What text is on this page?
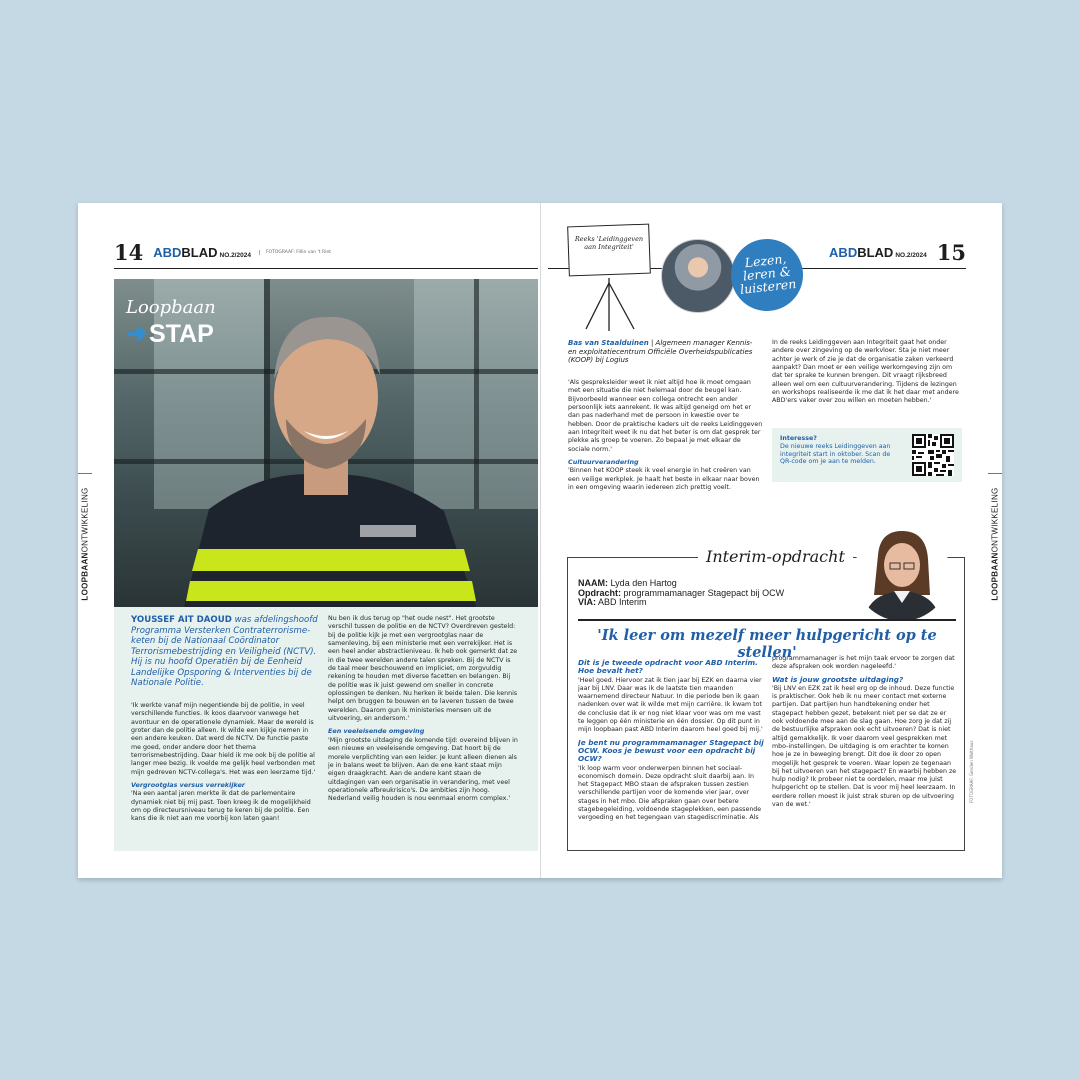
14 ABDBLAD NO.2/2024	FOTOGRAAF: Fillin van 't Riet	ABDBLAD NO.2/2024 15
LOOPBAANONTWIKKELING
LOOPBAANONTWIKKELING
Loopbaan
➔STAP
YOUSSEF AIT DAOUD was afdelingshoofd Programma Versterken Contraterrorisme-keten bij de Nationaal Coördinator Terrorismebestrijding en Veiligheid (NCTV). Hij is nu hoofd Operatiën bij de Eenheid Landelijke Opsporing & Interventies bij de Nationale Politie.

'Ik werkte vanaf mijn negentiende bij de politie, in veel verschillende functies. Ik koos daarvoor vanwege het avontuur en de operationele dynamiek. Maar de wereld is groter dan de politie alleen. Ik wilde een kijkje nemen in een andere keuken. Dat werd de NCTV. De functie paste me goed, onder andere door het thema terrorismebestrijding. Daar hield ik me ook bij de politie al langer mee bezig. Ik voelde me gelijk heel verbonden met mijn gedreven NCTV-collega's. Het was een leerzame tijd.'

Vergrootglas versus verrekijker

'Na een aantal jaren merkte ik dat de parlementaire dynamiek niet bij mij past. Toen kreeg ik de mogelijkheid om op directeursniveau terug te keren bij de politie. Een kans die ik niet aan me voorbij kon laten gaan!

Nu ben ik dus terug op "het oude nest". Het grootste verschil tussen de politie en de NCTV? Overdreven gesteld: bij de politie kijk je met een vergrootglas naar de samenleving, bij een ministerie met een verrekijker. Het is een heel ander abstractieniveau. Ik heb ook gemerkt dat ze in die twee werelden andere talen spreken. Bij de NCTV is de taal meer beschouwend en impliciet, om zorgvuldig rekening te houden met diverse facetten en belangen. Bij de politie was ik juist gewend om sneller in concrete oplossingen te denken. Nu herken ik beide talen. Die kennis helpt om bruggen te bouwen en te laveren tussen de twee werelden. Daarom gun ik ministeries mensen uit de uitvoering, en andersom.'

Een veeleisende omgeving

'Mijn grootste uitdaging de komende tijd: overeind blijven in een nieuwe en veeleisende omgeving. Dat hoort bij de morele verplichting van een leider. Je kunt alleen dienen als je in balans weet te blijven. Aan de ene kant staat mijn eigen draagkracht. Aan de andere kant staan de uitdagingen van een organisatie in verandering, met veel operationele afbreukrisico's. De ambities zijn hoog. Nederland veilig houden is nou eenmaal enorm complex.'

Reeks 'Leidinggeven aan Integriteit'
Lezen, leren & luisteren
Bas van Staalduinen | Algemeen manager Kennis- en exploitatiecentrum Officiële Overheidspublicaties (KOOP) bij Logius

'Als gespreksleider weet ik niet altijd hoe ik moet omgaan met een situatie die niet helemaal door de beugel kan. Bijvoorbeeld wanneer een collega ontrecht een ander persoonlijk iets aanrekent. Ik was altijd geneigd om het er dan pas naderhand met de persoon in kwestie over te hebben. Door de praktische kaders uit de reeks Leidinggeven aan Integriteit weet ik nu dat het beter is om dat gesprek ter plekke als groep te voeren. Zo bepaal je met elkaar de sociale norm.'

Cultuurverandering

'Binnen het KOOP steek ik veel energie in het creëren van een veilige werkplek. Je haalt het beste in elkaar naar boven in een omgeving waarin iedereen zich prettig voelt.

In de reeks Leidinggeven aan Integriteit gaat het onder andere over zingeving op de werkvloer. Sta je niet meer achter je werk of zie je dat de organisatie zaken verkeerd aanpakt? Dan moet er een veilige werkomgeving zijn om dat ter sprake te kunnen brengen. Dit vraagt rijksbreed alleen wel om een cultuurverandering. Tijdens de lezingen en workshops realiseerde ik me dat ik het daar met andere ABD'ers vaker over zou willen en moeten hebben.'

Interesse?
De nieuwe reeks Leidinggeven aan integriteit start in oktober. Scan de QR-code om je aan te melden.
Interim-opdracht
NAAM: Lyda den Hartog
Opdracht: programmamanager Stagepact bij OCW
VIA: ABD Interim
'Ik leer om mezelf meer hulpgericht op te stellen'
Dit is je tweede opdracht voor ABD Interim. Hoe bevalt het?

'Heel goed. Hiervoor zat ik tien jaar bij EZK en daarna vier jaar bij LNV. Daar was ik de laatste tien maanden waarnemend directeur Natuur. In die periode ben ik gaan nadenken over wat ik wilde met mijn carrière. Ik kwam tot de conclusie dat ik er nog niet klaar voor was om me vast te leggen op één ministerie en één dossier. Op dit punt in mijn loopbaan past ABD Interim daarom heel goed bij mij.'

Je bent nu programmamanager Stagepact bij OCW. Koos je bewust voor een opdracht bij OCW?

'Ik loop warm voor onderwerpen binnen het sociaal-economisch domein. Deze opdracht sluit daarbij aan. In het Stagepact MBO staan de afspraken tussen zestien verschillende partijen voor de komende vier jaar, over stages in het mbo. Die afspraken gaan over betere stagebegeleiding, voldoende stageplekken, een passende vergoeding en het tegengaan van stagediscriminatie. Als

programmamanager is het mijn taak ervoor te zorgen dat deze afspraken ook worden nageleefd.'

Wat is jouw grootste uitdaging?

'Bij LNV en EZK zat ik heel erg op de inhoud. Deze functie is praktischer. Ook heb ik nu meer contact met externe partijen. Dat partijen hun handtekening onder het stagepact hebben gezet, betekent niet per se dat ze er ook voldoende mee aan de slag gaan. Hoe zorg je dat zij de bestuurlijke afspraken ook echt uitvoeren? Dat is niet altijd gemakkelijk. Ik voer daarom veel gesprekken met mbo-instellingen. De uitdaging is om erachter te komen hoe je ze in beweging brengt. Dit doe ik door zo open mogelijk het gesprek te voeren. Waar lopen ze tegenaan bij het uitvoeren van het stagepact? En waarbij hebben ze hulp nodig? Ik probeer niet te oordelen, maar me juist hulpgericht op te stellen. Dat is voor mij heel leerzaam. In eerdere rollen moest ik juist strak sturen op de uitvoering van de wet.'

FOTOGRAAF: Gerdien Wolthaus
